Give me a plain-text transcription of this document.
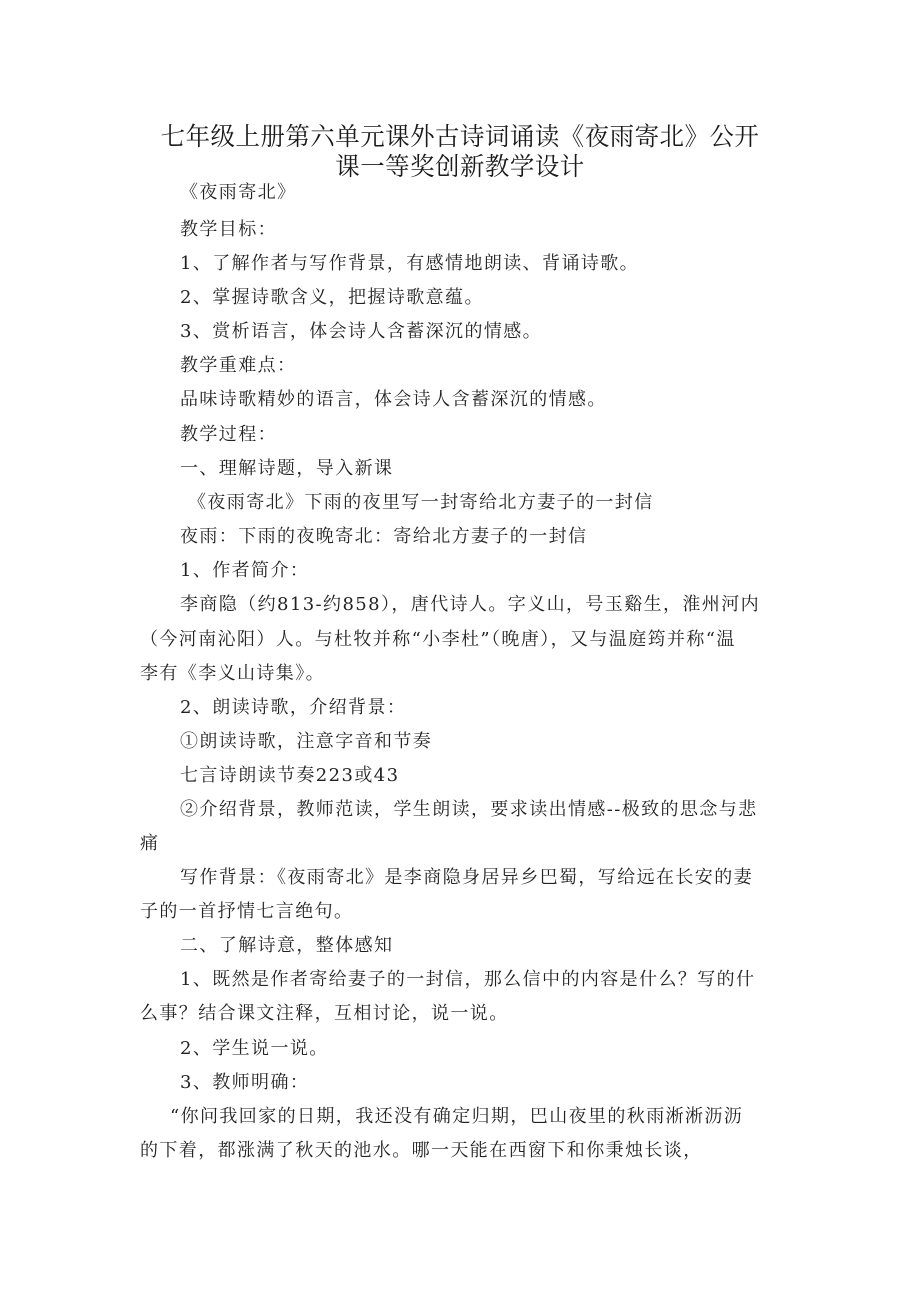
七年级上册第六单元课外古诗词诵读《夜雨寄北》公开
课一等奖创新教学设计
《夜雨寄北》
教学目标：
1、了解作者与写作背景，有感情地朗读、背诵诗歌。
2、掌握诗歌含义，把握诗歌意蕴。
3、赏析语言，体会诗人含蓄深沉的情感。
教学重难点：
品味诗歌精妙的语言，体会诗人含蓄深沉的情感。
教学过程：
一、理解诗题，导入新课
《夜雨寄北》下雨的夜里写一封寄给北方妻子的一封信
夜雨：下雨的夜晚寄北：寄给北方妻子的一封信
1、作者简介：
李商隐（约813-约858），唐代诗人。字义山，号玉谿生，淮州河内
（今河南沁阳）人。与杜牧并称“小李杜”（晚唐），又与温庭筠并称“温
李有《李义山诗集》。
2、朗读诗歌，介绍背景：
①朗读诗歌，注意字音和节奏
七言诗朗读节奏223或43
②介绍背景，教师范读，学生朗读，要求读出情感--极致的思念与悲
痛
写作背景：《夜雨寄北》是李商隐身居异乡巴蜀，写给远在长安的妻
子的一首抒情七言绝句。
二、了解诗意，整体感知
1、既然是作者寄给妻子的一封信，那么信中的内容是什么？写的什
么事？结合课文注释，互相讨论，说一说。
2、学生说一说。
3、教师明确：
“你问我回家的日期，我还没有确定归期，巴山夜里的秋雨淅淅沥沥
的下着，都涨满了秋天的池水。哪一天能在西窗下和你秉烛长谈，
